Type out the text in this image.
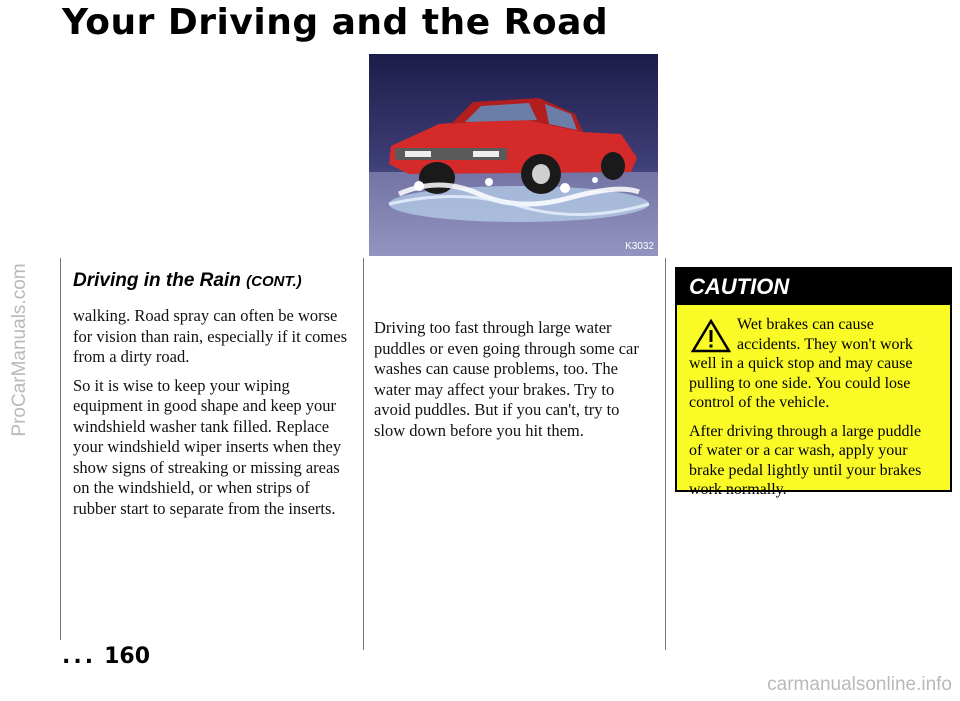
ProCarManuals.com
Your Driving and the Road
K3032
Driving in the Rain (CONT.)

walking. Road spray can often be worse for vision than rain, especially if it comes from a dirty road.

So it is wise to keep your wiping equipment in good shape and keep your windshield washer tank filled. Replace your windshield wiper inserts when they show signs of streaking or missing areas on the windshield, or when strips of rubber start to separate from the inserts.

Driving too fast through large water puddles or even going through some car washes can cause problems, too. The water may affect your brakes. Try to avoid puddles. But if you can't, try to slow down before you hit them.

CAUTION

Wet brakes can cause accidents. They won't work well in a quick stop and may cause pulling to one side. You could lose control of the vehicle.

After driving through a large puddle of water or a car wash, apply your brake pedal lightly until your brakes work normally.

... 160
carmanualsonline.info
